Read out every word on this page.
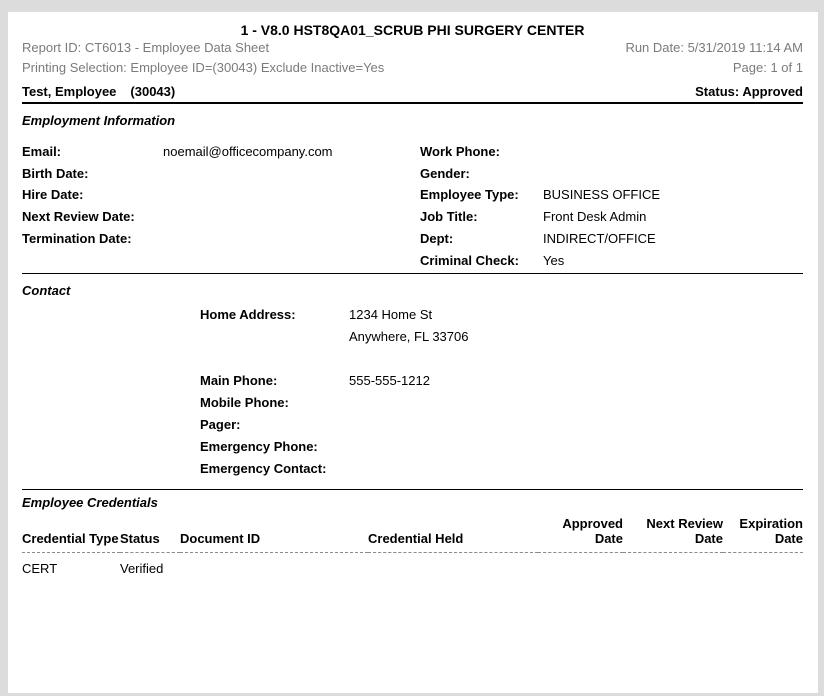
1 - V8.0 HST8QA01_SCRUB PHI SURGERY CENTER
Report ID: CT6013 - Employee Data Sheet	Run Date: 5/31/2019 11:14 AM
Printing Selection: Employee ID=(30043) Exclude Inactive=Yes	Page: 1 of 1
Test, Employee (30043)	Status: Approved
Employment Information
Email:	noemail@officecompany.com
Birth Date:
Hire Date:
Next Review Date:
Termination Date:
Work Phone:
Gender:
Employee Type:	BUSINESS OFFICE
Job Title:	Front Desk Admin
Dept:	INDIRECT/OFFICE
Criminal Check:	Yes
Contact
Home Address:	1234 Home St
Anywhere, FL 33706
Main Phone:	555-555-1212
Mobile Phone:
Pager:
Emergency Phone:
Emergency Contact:
Employee Credentials
Credential Type	Status	Document ID	Credential Held	Approved Date	Next Review Date	Expiration Date
CERT	Verified					
